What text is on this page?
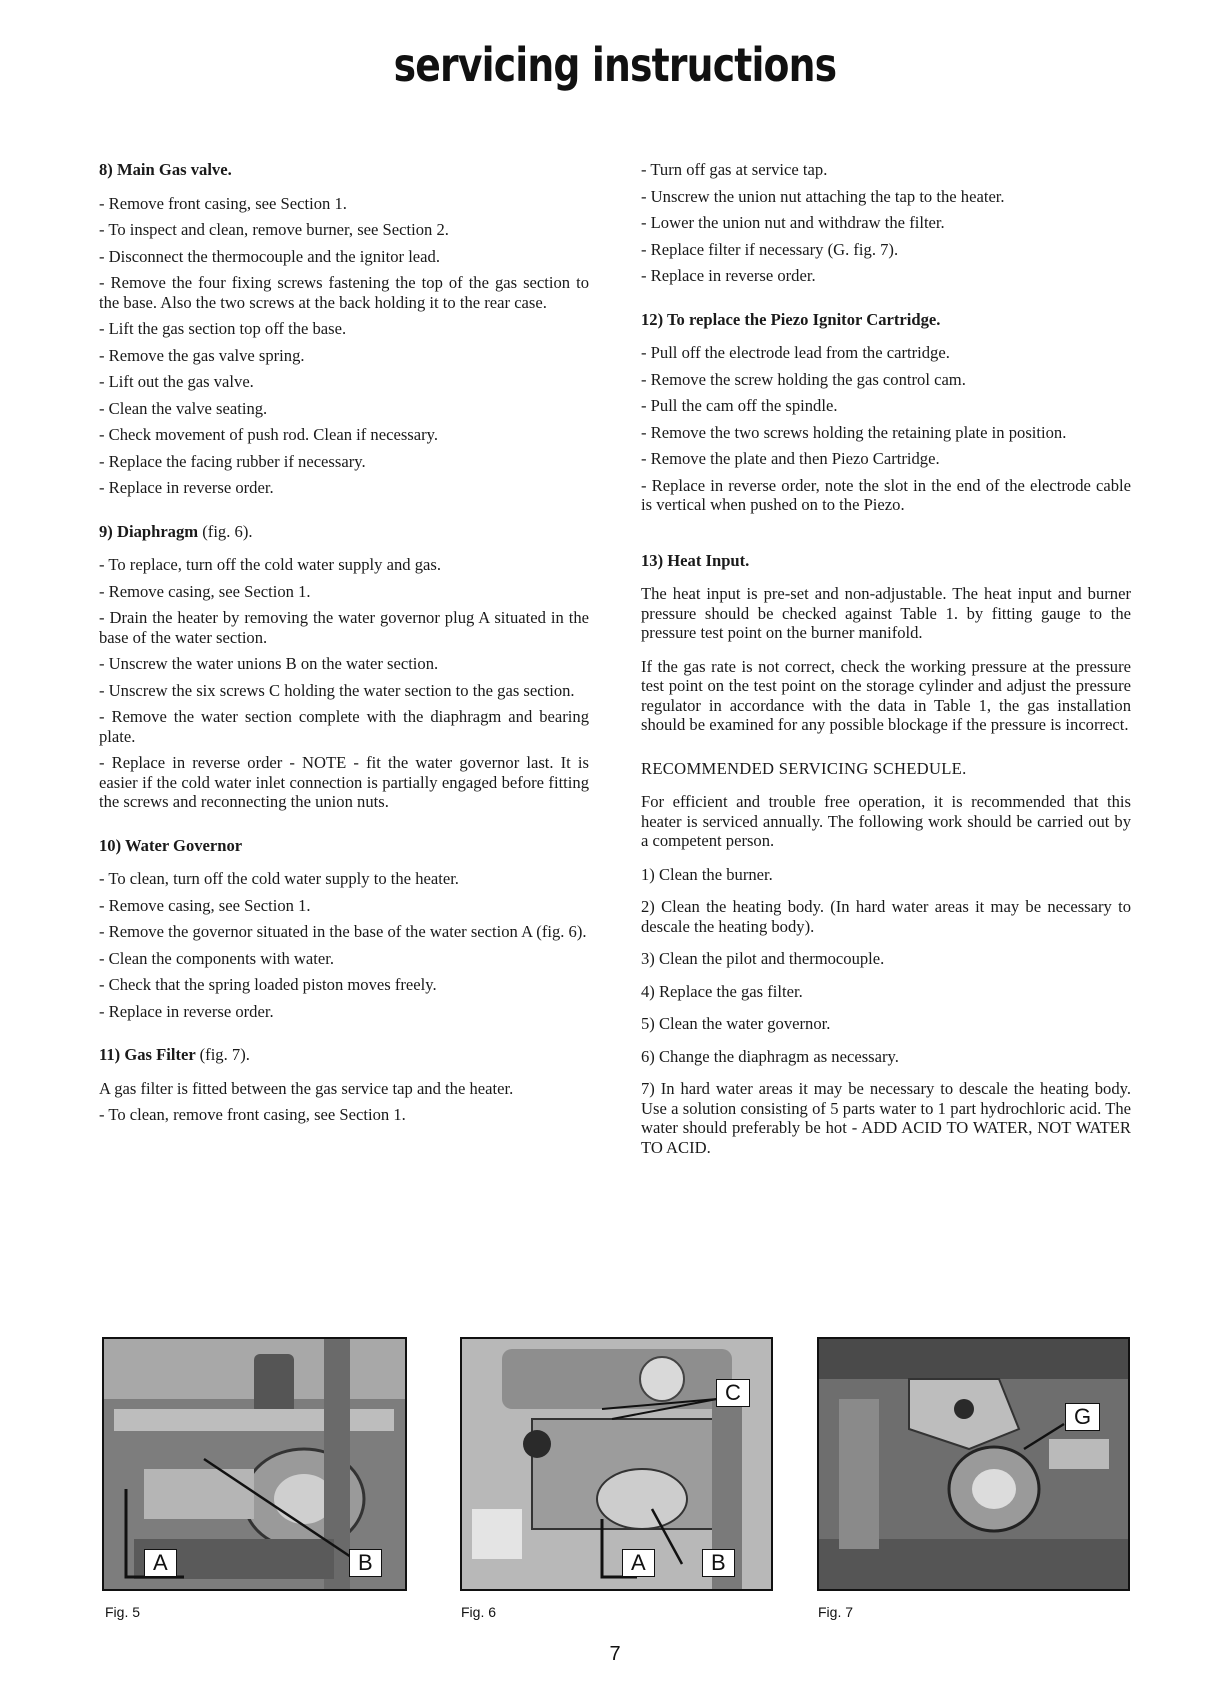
servicing instructions
8) Main Gas valve.
- Remove front casing, see Section 1.
- To inspect and clean, remove burner, see Section 2.
- Disconnect the thermocouple and the ignitor lead.
- Remove the four fixing screws fastening the top of the gas section to the base. Also the two screws at the back holding it to the rear case.
- Lift the gas section top off the base.
- Remove the gas valve spring.
- Lift out the gas valve.
- Clean the valve seating.
- Check movement of push rod. Clean if necessary.
- Replace the facing rubber if necessary.
- Replace in reverse order.
9) Diaphragm (fig. 6).
- To replace, turn off the cold water supply and gas.
- Remove casing, see Section 1.
- Drain the heater by removing the water governor plug A situated in the base of the water section.
- Unscrew the water unions B on the water section.
- Unscrew the six screws C holding the water section to the gas section.
- Remove the water section complete with the diaphragm and bearing plate.
- Replace in reverse order - NOTE - fit the water governor last. It is easier if the cold water inlet connection is partially engaged before fitting the screws and reconnecting the union nuts.
10) Water Governor
- To clean, turn off the cold water supply to the heater.
- Remove casing, see Section 1.
- Remove the governor situated in the base of the water section A (fig. 6).
- Clean the components with water.
- Check that the spring loaded piston moves freely.
- Replace in reverse order.
11) Gas Filter (fig. 7).
A gas filter is fitted between the gas service tap and the heater.
- To clean, remove front casing, see Section 1.
- Turn off gas at service tap.
- Unscrew the union nut attaching the tap to the heater.
- Lower the union nut and withdraw the filter.
- Replace filter if necessary (G. fig. 7).
- Replace in reverse order.
12) To replace the Piezo Ignitor Cartridge.
- Pull off the electrode lead from the cartridge.
- Remove the screw holding the gas control cam.
- Pull the cam off the spindle.
- Remove the two screws holding the retaining plate in position.
- Remove the plate and then Piezo Cartridge.
- Replace in reverse order, note the slot in the end of the electrode cable is vertical when pushed on to the Piezo.
13) Heat Input.
The heat input is pre-set and non-adjustable. The heat input and burner pressure should be checked against Table 1. by fitting gauge to the pressure test point on the burner manifold.
If the gas rate is not correct, check the working pressure at the pressure test point on the test point on the storage cylinder and adjust the pressure regulator in accordance with the data in Table 1, the gas installation should be examined for any possible blockage if the pressure is incorrect.
RECOMMENDED SERVICING SCHEDULE.
For efficient and trouble free operation, it is recommended that this heater is serviced annually. The following work should be carried out by a competent person.
1) Clean the burner.
2) Clean the heating body. (In hard water areas it may be necessary to descale the heating body).
3) Clean the pilot and thermocouple.
4) Replace the gas filter.
5) Clean the water governor.
6) Change the diaphragm as necessary.
7) In hard water areas it may be necessary to descale the heating body. Use a solution consisting of 5 parts water to 1 part hydrochloric acid. The water should preferably be hot - ADD ACID TO WATER, NOT WATER TO ACID.
A	B
C
A	B
G
Fig. 5	Fig. 6	Fig. 7
7
